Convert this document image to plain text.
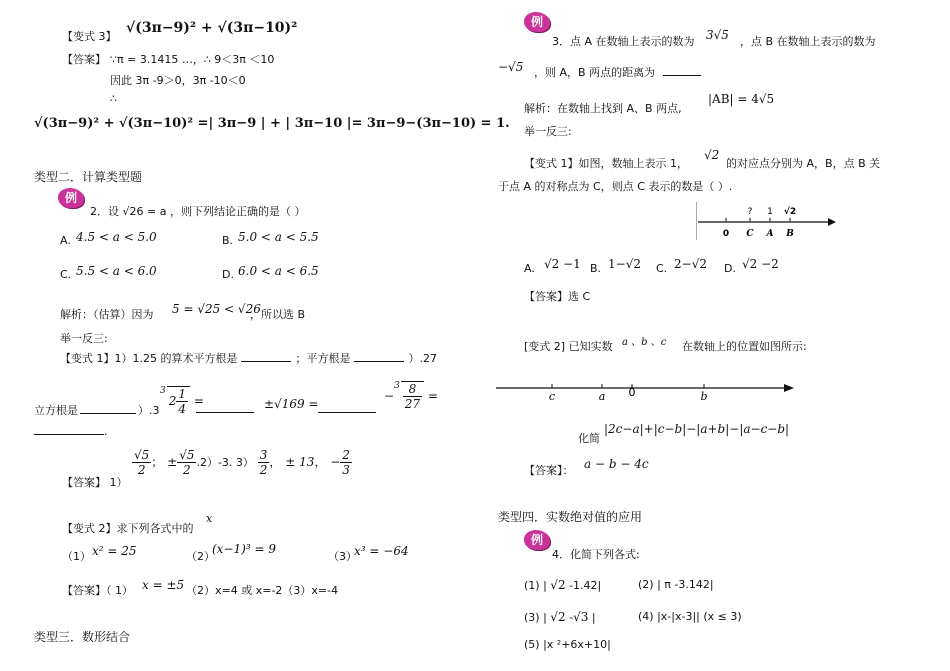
【变式 3】
√(3π−9)² + √(3π−10)²
【答案】 ∵π = 3.1415 …，∴ 9＜3π ＜10
因此 3π -9＞0，3π -10＜0
∴
√(3π−9)² + √(3π−10)² =| 3π−9 | + | 3π−10 |= 3π−9−(3π−10) = 1.
类型二．计算类型题
例
2．设 √26 = a ，则下列结论正确的是（ ）
A. 4.5 < a < 5.0	B. 5.0 < a < 5.5
C. 5.5 < a < 6.0	D. 6.0 < a < 6.5
解析：（估算）因为 5 = √25 < √26
，所以选 B
举一反三:
【变式 1】1）1.25 的算术平方根是	；平方根是	）.27
立方根是	）.3
$^32 \frac{1}{4}$ =	±√169 =
$-^3 \frac{8}{27}$ =
.
【答案】 1）
$\frac{√5}{2}$ ； ± $\frac{√5}{2} .2)-3$. $3) \frac{3}{2}$ ， ± 13， − $\frac{2}{3}$
【变式 2】求下列各式中的
x
（1） x² = 25	（2）
(x−1)³ = 9
（3）
x³ = −64
【答案】（ 1） x = ±5 （2）x=4 或 x=-2（3）x=-4
类型三．数形结合
例
3．点 A 在数轴上表示的数为 3√5 ，点 B 在数轴上表示的数为
−√5 ，则 A，B 两点的距离为
解析：在数轴上找到 A、B 两点,
|AB| = 4√5
举一反三:
【变式 1】如图，数轴上表示 1，
√2
的对应点分别为 A，B，点 B 关
于点 A 的对称点为 C，则点 C 表示的数是（ ）.
? 1 √2
0 C A B
A. √2 −1 B. 1−√2 C. 2−√2 D. √2 −2
【答案】选 C
[变式 2] 已知实数 a 、b 、c 在数轴上的位置如图所示:
c	a 0	b
化简
|2c−a|+|c−b|−|a+b|−|a−c−b|
【答案】： a − b − 4c
类型四．实数绝对值的应用
例
4．化简下列各式:
(1) | √2 -1.42̇|	(2) | π -3.142|
(3) | √2 -√3 |	(4) |x-|x-3|| (x ≤ 3)
(5) |x ²+6x+10|
